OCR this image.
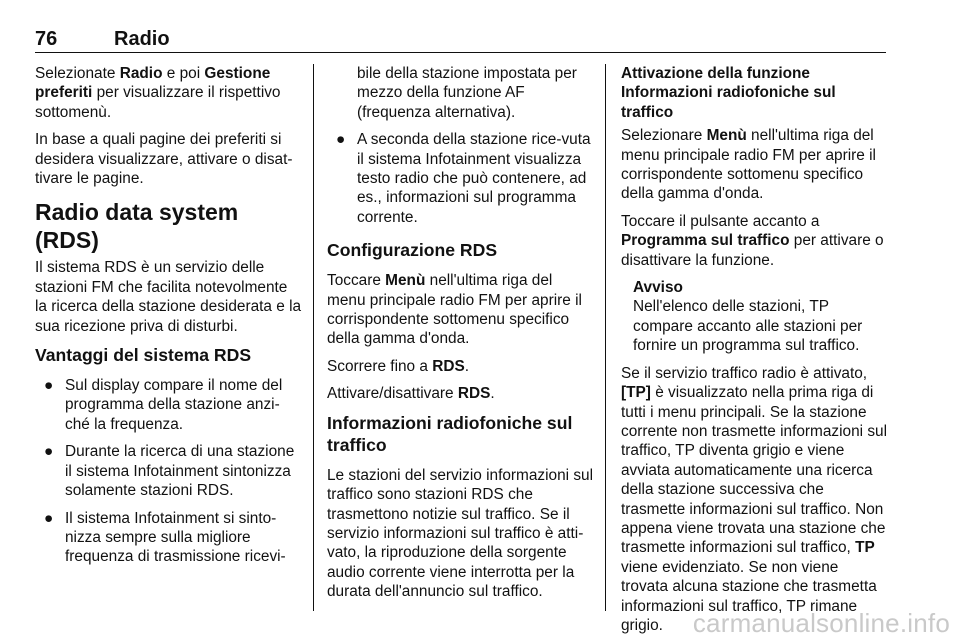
76	Radio

Selezionate Radio e poi Gestione preferiti per visualizzare il rispettivo sottomenù.

In base a quali pagine dei preferiti si desidera visualizzare, attivare o disat-tivare le pagine.

Radio data system (RDS)

Il sistema RDS è un servizio delle stazioni FM che facilita notevolmente la ricerca della stazione desiderata e la sua ricezione priva di disturbi.

Vantaggi del sistema RDS
● Sul display compare il nome del programma della stazione anzi-ché la frequenza.
● Durante la ricerca di una stazione il sistema Infotainment sintonizza solamente stazioni RDS.
● Il sistema Infotainment si sinto-nizza sempre sulla migliore frequenza di trasmissione ricevi-
bile della stazione impostata per mezzo della funzione AF (frequenza alternativa).
● A seconda della stazione rice-vuta il sistema Infotainment visualizza testo radio che può contenere, ad es., informazioni sul programma corrente.
Configurazione RDS

Toccare Menù nell'ultima riga del menu principale radio FM per aprire il corrispondente sottomenu specifico della gamma d'onda.

Scorrere fino a RDS.

Attivare/disattivare RDS.

Informazioni radiofoniche sul traffico

Le stazioni del servizio informazioni sul traffico sono stazioni RDS che trasmettono notizie sul traffico. Se il servizio informazioni sul traffico è atti-vato, la riproduzione della sorgente audio corrente viene interrotta per la durata dell'annuncio sul traffico.

Attivazione della funzione Informazioni radiofoniche sul traffico

Selezionare Menù nell'ultima riga del menu principale radio FM per aprire il corrispondente sottomenu specifico della gamma d'onda.

Toccare il pulsante accanto a Programma sul traffico per attivare o disattivare la funzione.

Avviso
Nell'elenco delle stazioni, TP compare accanto alle stazioni per fornire un programma sul traffico.

Se il servizio traffico radio è attivato, [TP] è visualizzato nella prima riga di tutti i menu principali. Se la stazione corrente non trasmette informazioni sul traffico, TP diventa grigio e viene avviata automaticamente una ricerca della stazione successiva che trasmette informazioni sul traffico. Non appena viene trovata una stazione che trasmette informazioni sul traffico, TP viene evidenziato. Se non viene trovata alcuna stazione che trasmetta informazioni sul traffico, TP rimane grigio.	carmanualsonline.info
